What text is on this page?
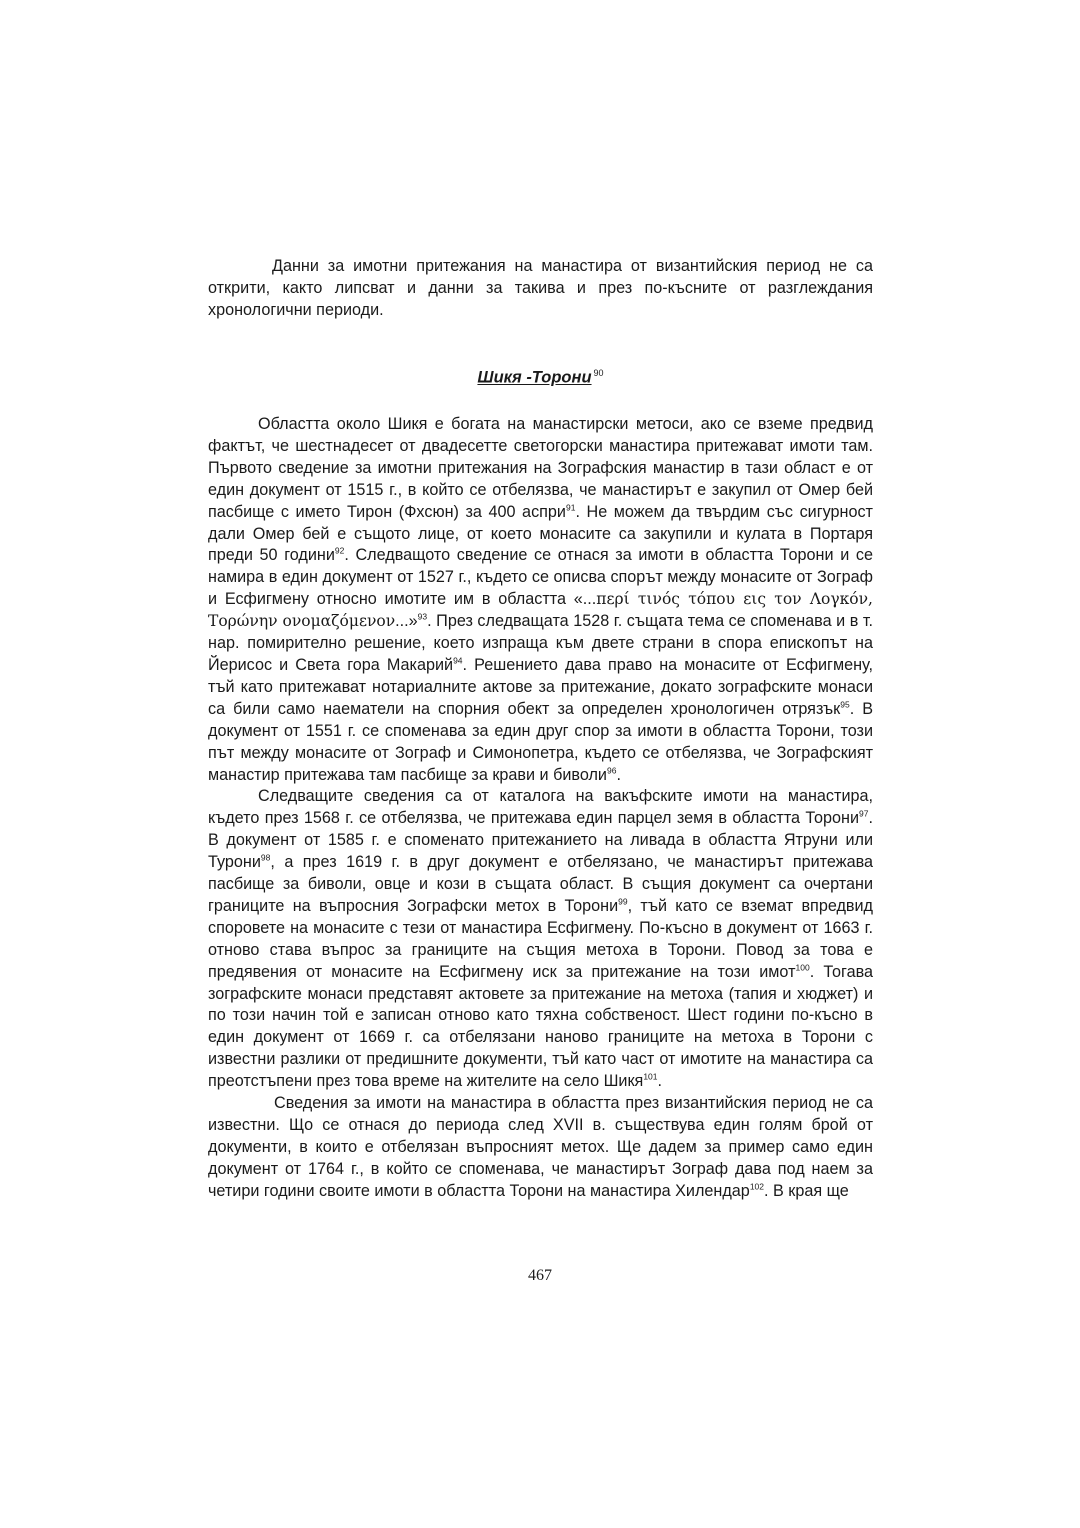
Данни за имотни притежания на манастира от византийския период не са открити, както липсват и данни за такива и през по-късните от разглеждания хронологични периоди.

Шикя -Торони $^{90}$

Областта около Шикя е богата на манастирски метоси, ако се вземе предвид фактът, че шестнадесет от двадесетте светогорски манастира притежават имоти там. Първото сведение за имотни притежания на Зографския манастир в тази област е от един документ от 1515 г., в който се отбелязва, че манастирът е закупил от Омер бей пасбище с името Тирон (Фхсюн) за 400 аспри$^{91}$. Не можем да твърдим със сигурност дали Омер бей е същото лице, от което монасите са закупили и кулата в Портаря преди 50 години$^{92}$. Следващото сведение се отнася за имоти в областта Торони и се намира в един документ от 1527 г., където се описва спорът между монасите от Зограф и Есфигмену относно имотите им в областта «...περί τινός τόπου εις τον Λογκόν, Τορώνην ονομαζόμενον...»$^{93}$. През следващата 1528 г. същата тема се споменава и в т. нар. помирително решение, което изпраща към двете страни в спора епископът на Йерисос и Света гора Макарий$^{94}$. Решението дава право на монасите от Есфигмену, тъй като притежават нотариалните актове за притежание, докато зографските монаси са били само наематели на спорния обект за определен хронологичен отрязък$^{95}$. В документ от 1551 г. се споменава за един друг спор за имоти в областта Торони, този път между монасите от Зограф и Симонопетра, където се отбелязва, че Зографският манастир притежава там пасбище за крави и биволи$^{96}$.

Следващите сведения са от каталога на вакъфските имоти на манастира, където през 1568 г. се отбелязва, че притежава един парцел земя в областта Торони$^{97}$. В документ от 1585 г. е споменато притежанието на ливада в областта Ятруни или Турони$^{98}$, а през 1619 г. в друг документ е отбелязано, че манастирът притежава пасбище за биволи, овце и кози в същата област. В същия документ са очертани границите на въпросния Зографски метох в Торони$^{99}$, тъй като се вземат впредвид споровете на монасите с тези от манастира Есфигмену. По-късно в документ от 1663 г. отново става въпрос за границите на същия метоха в Торони. Повод за това е предявения от монасите на Есфигмену иск за притежание на този имот$^{100}$. Тогава зографските монаси представят актовете за притежание на метоха (тапия и хюджет) и по този начин той е записан отново като тяхна собственост. Шест години по-късно в един документ от 1669 г. са отбелязани наново границите на метоха в Торони с известни разлики от предишните документи, тъй като част от имотите на манастира са преотстъпени през това време на жителите на село Шикя$^{101}$.

Сведения за имоти на манастира в областта през византийския период не са известни. Що се отнася до периода след XVII в. съществува един голям брой от документи, в които е отбелязан въпросният метох. Ще дадем за пример само един документ от 1764 г., в който се споменава, че манастирът Зограф дава под наем за четири години своите имоти в областта Торони на манастира Хилендар$^{102}$. В края ще

467
